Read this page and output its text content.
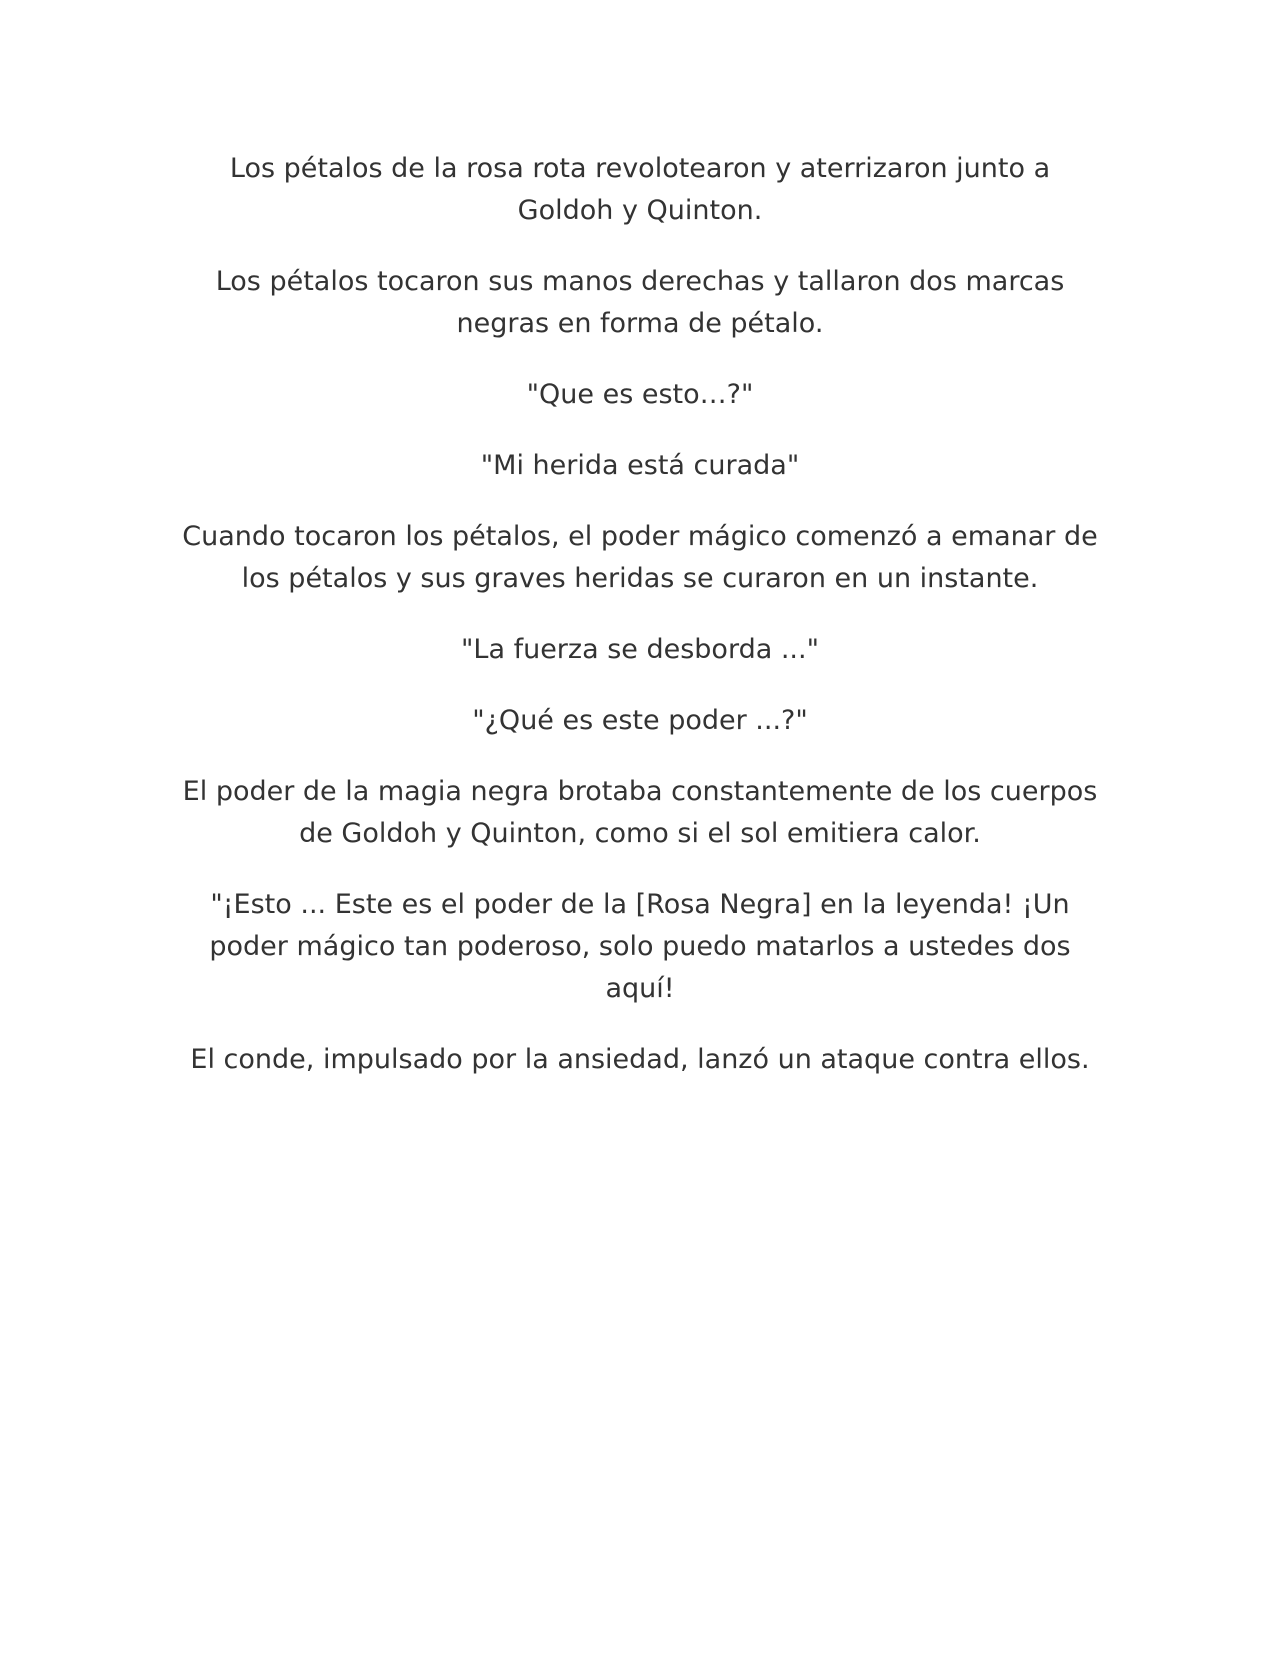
Los pétalos de la rosa rota revolotearon y aterrizaron junto a Goldoh y Quinton.

Los pétalos tocaron sus manos derechas y tallaron dos marcas negras en forma de pétalo.

"Que es esto…?"

"Mi herida está curada"

Cuando tocaron los pétalos, el poder mágico comenzó a emanar de los pétalos y sus graves heridas se curaron en un instante.

"La fuerza se desborda ..."

"¿Qué es este poder ...?"

El poder de la magia negra brotaba constantemente de los cuerpos de Goldoh y Quinton, como si el sol emitiera calor.

"¡Esto ... Este es el poder de la [Rosa Negra] en la leyenda! ¡Un poder mágico tan poderoso, solo puedo matarlos a ustedes dos aquí!

El conde, impulsado por la ansiedad, lanzó un ataque contra ellos.
